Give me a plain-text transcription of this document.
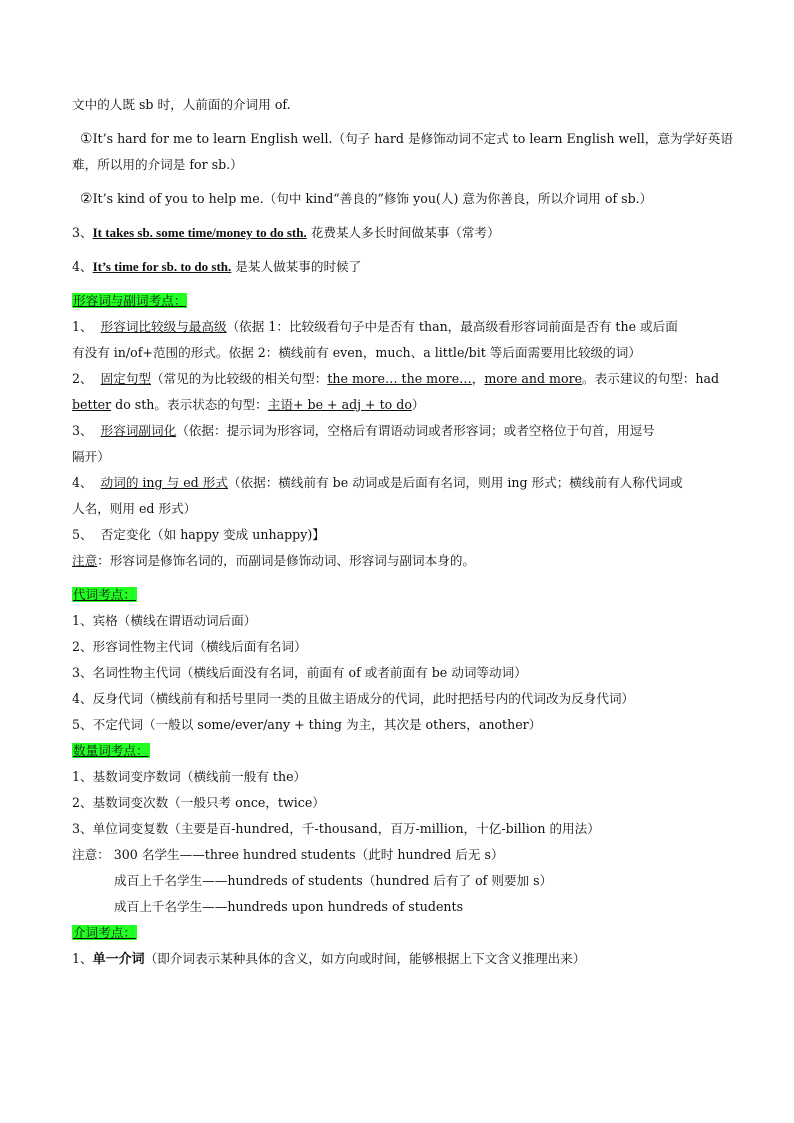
文中的人既 sb 时，人前面的介词用 of.
①It’s hard for me to learn English well.（句子 hard 是修饰动词不定式 to learn English well，意为学好英语
难，所以用的介词是 for sb.）
②It’s kind of you to help me.（句中 kind“善良的”修饰 you(人) 意为你善良，所以介词用 of sb.）
3、It takes sb. some time/money to do sth. 花费某人多长时间做某事（常考）
4、It’s time for sb. to do sth. 是某人做某事的时候了
形容词与副词考点：
1、 形容词比较级与最高级（依据 1：比较级看句子中是否有 than，最高级看形容词前面是否有 the 或后面
有没有 in/of+范围的形式。依据 2：横线前有 even，much、a little/bit 等后面需要用比较级的词）
2、 固定句型（常见的为比较级的相关句型：the more… the more…，more and more。表示建议的句型：had
better do sth。表示状态的句型：主语+ be + adj + to do）
3、 形容词副词化（依据：提示词为形容词，空格后有谓语动词或者形容词；或者空格位于句首，用逗号
隔开）
4、 动词的 ing 与 ed 形式（依据：横线前有 be 动词或是后面有名词，则用 ing 形式；横线前有人称代词或
人名，则用 ed 形式）
5、 否定变化（如 happy 变成 unhappy)】
注意：形容词是修饰名词的，而副词是修饰动词、形容词与副词本身的。
代词考点：
1、宾格（横线在谓语动词后面）
2、形容词性物主代词（横线后面有名词）
3、名词性物主代词（横线后面没有名词，前面有 of 或者前面有 be 动词等动词）
4、反身代词（横线前有和括号里同一类的且做主语成分的代词，此时把括号内的代词改为反身代词）
5、不定代词（一般以 some/ever/any + thing 为主，其次是 others，another）
数量词考点：
1、基数词变序数词（横线前一般有 the）
2、基数词变次数（一般只考 once，twice）
3、单位词变复数（主要是百-hundred，千-thousand，百万-million，十亿-billion 的用法）
注意： 300 名学生——three hundred students（此时 hundred 后无 s）
成百上千名学生——hundreds of students（hundred 后有了 of 则要加 s）
成百上千名学生——hundreds upon hundreds of students
介词考点：
1、单一介词（即介词表示某种具体的含义，如方向或时间，能够根据上下文含义推理出来）
